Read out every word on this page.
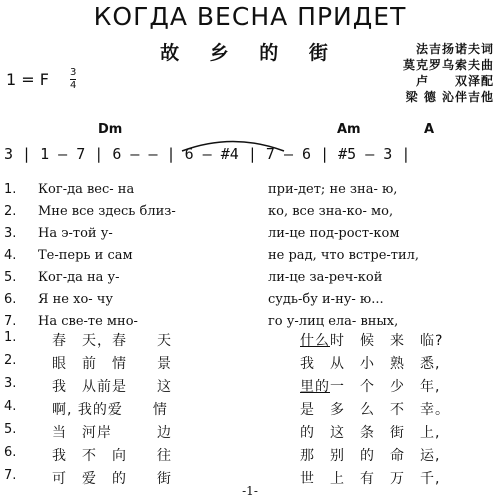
КОГДА ВЕСНА ПРИДЕТ
故 乡 的 街	法吉扬诺夫词
莫克罗乌索夫曲
卢　　双泽配
梁 德 沁伴吉他
1 = F 3
4
Dm	Am	A
3 | 1 — 7 | 6 — — | 6 — #4 | 7 — 6 | #5 — 3 |
1. Ког-да вес- на	при-дет; не зна- ю,
2. Мне все здесь близ-	ко, все зна-ко- мо,
3. На э-той у-	ли-це под-рост-ком
4. Те-перь и сам	не рад, что встре-тил,
5. Ког-да на у-	ли-це за-реч-кой
6. Я не хо- чу	судь-бу и-ну- ю...
7. На све-те мно-	го у-лиц ела- вных,
1.	春　天，春　　天	什么时　候　来　临?
2.	眼　前　情　　景	我　从　小　熟　悉,
3.	我　从前是　　这	里的一　个　少　年,
4.	啊, 我的爱　　情	是　多　么　不　幸。
5.	当　河岸　　　边	的　这　条　街　上,
6.	我　不　向　　往	那　别　的　命　运,
7.	可　爱　的　　街	世　上　有　万　千,
-1-
